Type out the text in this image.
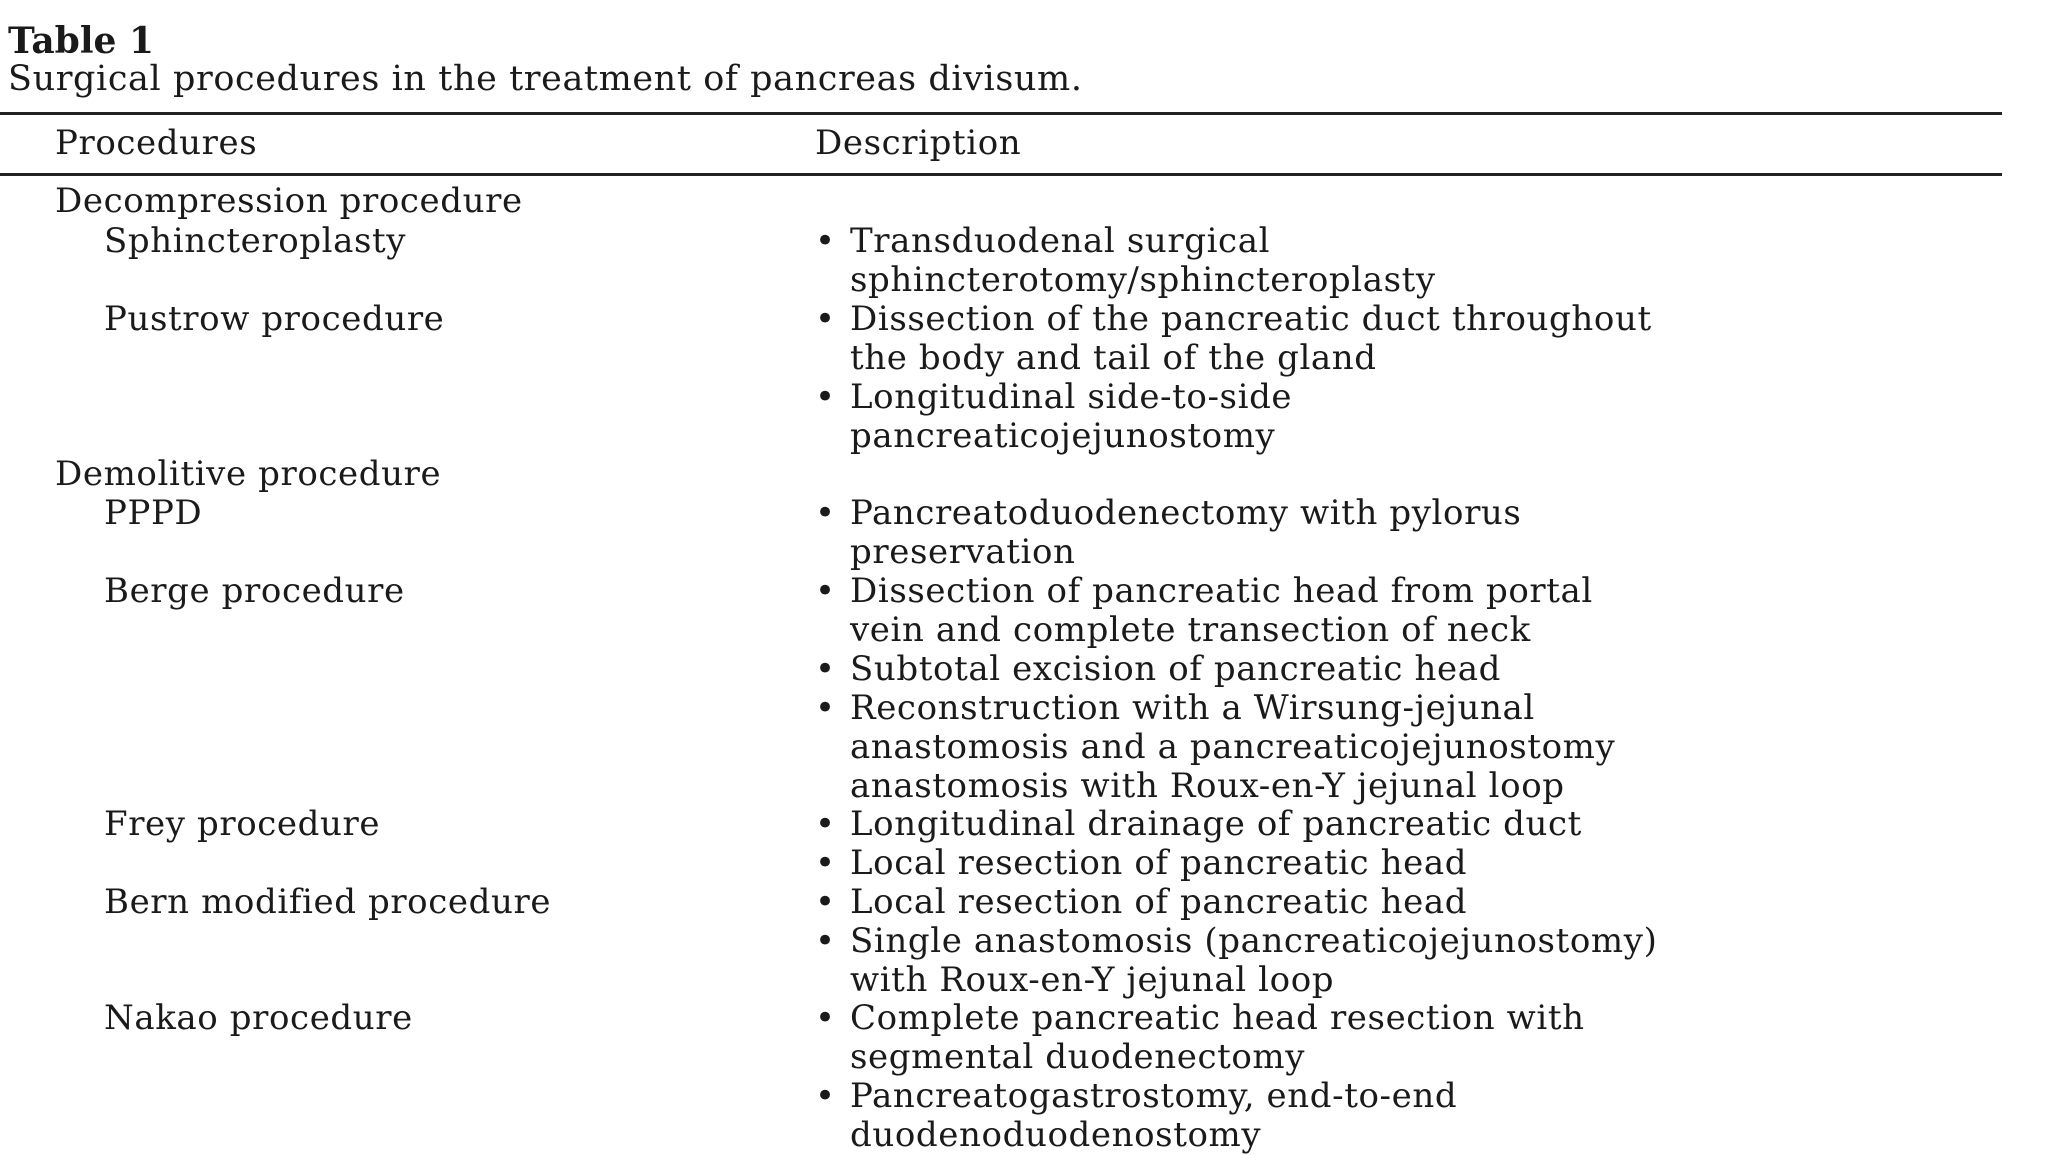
Table 1
Surgical procedures in the treatment of pancreas divisum.
Procedures	Description
Decompression procedure
Demolitive procedure
Sphincteroplasty
Pustrow procedure
PPPD
Berge procedure
Frey procedure
Bern modified procedure
Nakao procedure
• Transduodenal surgical
sphincterotomy/sphincteroplasty
• Dissection of the pancreatic duct throughout
the body and tail of the gland
• Longitudinal side-to-side
pancreaticojejunostomy
• Pancreatoduodenectomy with pylorus
preservation
• Dissection of pancreatic head from portal
vein and complete transection of neck
• Subtotal excision of pancreatic head
• Reconstruction with a Wirsung-jejunal
anastomosis and a pancreaticojejunostomy
anastomosis with Roux-en-Y jejunal loop
• Longitudinal drainage of pancreatic duct
• Local resection of pancreatic head
• Local resection of pancreatic head
• Single anastomosis (pancreaticojejunostomy)
with Roux-en-Y jejunal loop
• Complete pancreatic head resection with
segmental duodenectomy
• Pancreatogastrostomy, end-to-end
duodenoduodenostomy
